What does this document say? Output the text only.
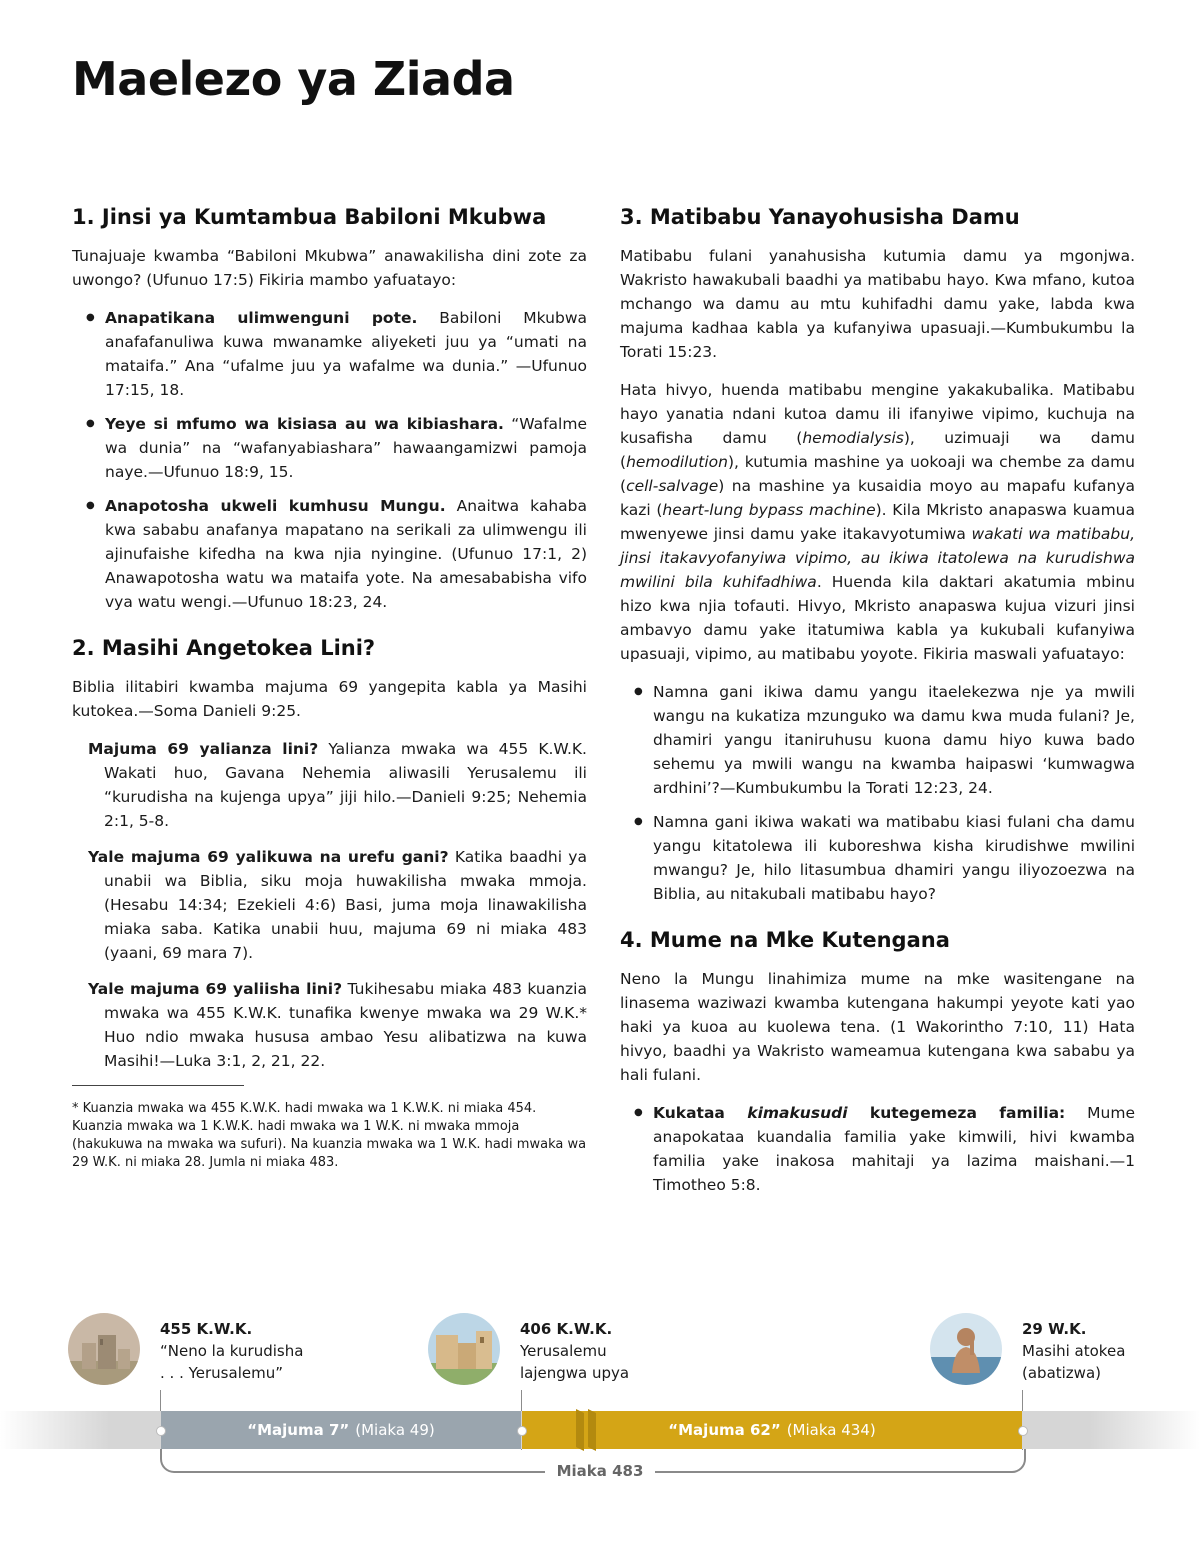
Maelezo ya Ziada
1. Jinsi ya Kumtambua Babiloni Mkubwa

Tunajuaje kwamba “Babiloni Mkubwa” anawakilisha dini zote za uwongo? (Ufunuo 17:5) Fikiria mambo yafuatayo:

● Anapatikana ulimwenguni pote. Babiloni Mkubwa anafafanuliwa kuwa mwanamke aliyeketi juu ya “umati na mataifa.” Ana “ufalme juu ya wafalme wa dunia.” —Ufunuo 17:15, 18.
● Yeye si mfumo wa kisiasa au wa kibiashara. “Wafalme wa dunia” na “wafanyabiashara” hawaangamizwi pamoja naye.—Ufunuo 18:9, 15.
● Anapotosha ukweli kumhusu Mungu. Anaitwa kahaba kwa sababu anafanya mapatano na serikali za ulimwengu ili ajinufaishe kifedha na kwa njia nyingine. (Ufunuo 17:1, 2) Anawapotosha watu wa mataifa yote. Na amesababisha vifo vya watu wengi.—Ufunuo 18:23, 24.
2. Masihi Angetokea Lini?

Biblia ilitabiri kwamba majuma 69 yangepita kabla ya Masihi kutokea.—Soma Danieli 9:25.

Majuma 69 yalianza lini? Yalianza mwaka wa 455 K.W.K. Wakati huo, Gavana Nehemia aliwasili Yerusalemu ili “kurudisha na kujenga upya” jiji hilo.—Danieli 9:25; Nehemia 2:1, 5-8.

Yale majuma 69 yalikuwa na urefu gani? Katika baadhi ya unabii wa Biblia, siku moja huwakilisha mwaka mmoja. (Hesabu 14:34; Ezekieli 4:6) Basi, juma moja linawakilisha miaka saba. Katika unabii huu, majuma 69 ni miaka 483 (yaani, 69 mara 7).

Yale majuma 69 yaliisha lini? Tukihesabu miaka 483 kuanzia mwaka wa 455 K.W.K. tunafika kwenye mwaka wa 29 W.K.* Huo ndio mwaka hususa ambao Yesu alibatizwa na kuwa Masihi!—Luka 3:1, 2, 21, 22.

* Kuanzia mwaka wa 455 K.W.K. hadi mwaka wa 1 K.W.K. ni miaka 454. Kuanzia mwaka wa 1 K.W.K. hadi mwaka wa 1 W.K. ni mwaka mmoja (hakukuwa na mwaka wa sufuri). Na kuanzia mwaka wa 1 W.K. hadi mwaka wa 29 W.K. ni miaka 28. Jumla ni miaka 483.

3. Matibabu Yanayohusisha Damu

Matibabu fulani yanahusisha kutumia damu ya mgonjwa. Wakristo hawakubali baadhi ya matibabu hayo. Kwa mfano, kutoa mchango wa damu au mtu kuhifadhi damu yake, labda kwa majuma kadhaa kabla ya kufanyiwa upasuaji.—Kumbukumbu la Torati 15:23.

Hata hivyo, huenda matibabu mengine yakakubalika. Matibabu hayo yanatia ndani kutoa damu ili ifanyiwe vipimo, kuchuja na kusafisha damu (hemodialysis), uzimuaji wa damu (hemodilution), kutumia mashine ya uokoaji wa chembe za damu (cell-salvage) na mashine ya kusaidia moyo au mapafu kufanya kazi (heart-lung bypass machine). Kila Mkristo anapaswa kuamua mwenyewe jinsi damu yake itakavyotumiwa wakati wa matibabu, jinsi itakavyofanyiwa vipimo, au ikiwa itatolewa na kurudishwa mwilini bila kuhifadhiwa. Huenda kila daktari akatumia mbinu hizo kwa njia tofauti. Hivyo, Mkristo anapaswa kujua vizuri jinsi ambavyo damu yake itatumiwa kabla ya kukubali kufanyiwa upasuaji, vipimo, au matibabu yoyote. Fikiria maswali yafuatayo:

● Namna gani ikiwa damu yangu itaelekezwa nje ya mwili wangu na kukatiza mzunguko wa damu kwa muda fulani? Je, dhamiri yangu itaniruhusu kuona damu hiyo kuwa bado sehemu ya mwili wangu na kwamba haipaswi ‘kumwagwa ardhini’?—Kumbukumbu la Torati 12:23, 24.
● Namna gani ikiwa wakati wa matibabu kiasi fulani cha damu yangu kitatolewa ili kuboreshwa kisha kirudishwe mwilini mwangu? Je, hilo litasumbua dhamiri yangu iliyozoezwa na Biblia, au nitakubali matibabu hayo?
4. Mume na Mke Kutengana

Neno la Mungu linahimiza mume na mke wasitengane na linasema waziwazi kwamba kutengana hakumpi yeyote kati yao haki ya kuoa au kuolewa tena. (1 Wakorintho 7:10, 11) Hata hivyo, baadhi ya Wakristo wameamua kutengana kwa sababu ya hali fulani.

● Kukataa kimakusudi kutegemeza familia: Mume anapokataa kuandalia familia yake kimwili, hivi kwamba familia yake inakosa mahitaji ya lazima maishani.—1 Timotheo 5:8.
455 K.W.K.
“Neno la kurudisha
. . . Yerusalemu”
406 K.W.K.
Yerusalemu
lajengwa upya
29 W.K.
Masihi atokea
(abatizwa)
“Majuma 7” (Miaka 49)	“Majuma 62” (Miaka 434)
Miaka 483
